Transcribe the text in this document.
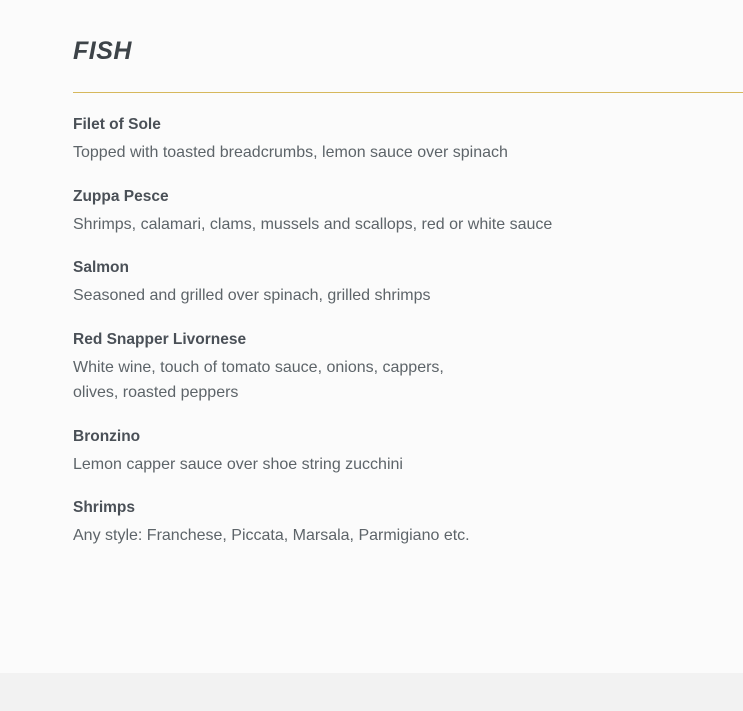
FISH
Filet of Sole
Topped with toasted breadcrumbs, lemon sauce over spinach
Zuppa Pesce
Shrimps, calamari, clams, mussels and scallops, red or white sauce
Salmon
Seasoned and grilled over spinach, grilled shrimps
Red Snapper Livornese
White wine, touch of tomato sauce, onions, cappers,
olives, roasted peppers
Bronzino
Lemon capper sauce over shoe string zucchini
Shrimps
Any style: Franchese, Piccata, Marsala, Parmigiano etc.
